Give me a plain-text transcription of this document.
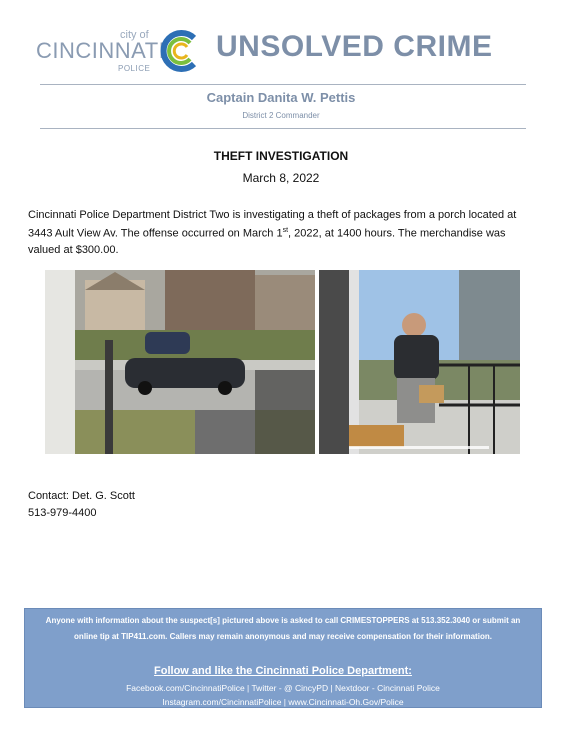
city of
CINCINNATI
POLICE
UNSOLVED CRIME
Captain Danita W. Pettis
District 2 Commander
THEFT INVESTIGATION
March 8, 2022
Cincinnati Police Department District Two is investigating a theft of packages from a porch located at 3443 Ault View Av. The offense occurred on March 1st, 2022, at 1400 hours. The merchandise was valued at $300.00.
Contact: Det. G. Scott
513-979-4400
Anyone with information about the suspect[s] pictured above is asked to call CRIMESTOPPERS at 513.352.3040 or submit an online tip at TIP411.com. Callers may remain anonymous and may receive compensation for their information.
Follow and like the Cincinnati Police Department:
Facebook.com/CincinnatiPolice | Twitter - @ CincyPD | Nextdoor - Cincinnati Police
Instagram.com/CincinnatiPolice | www.Cincinnati-Oh.Gov/Police
